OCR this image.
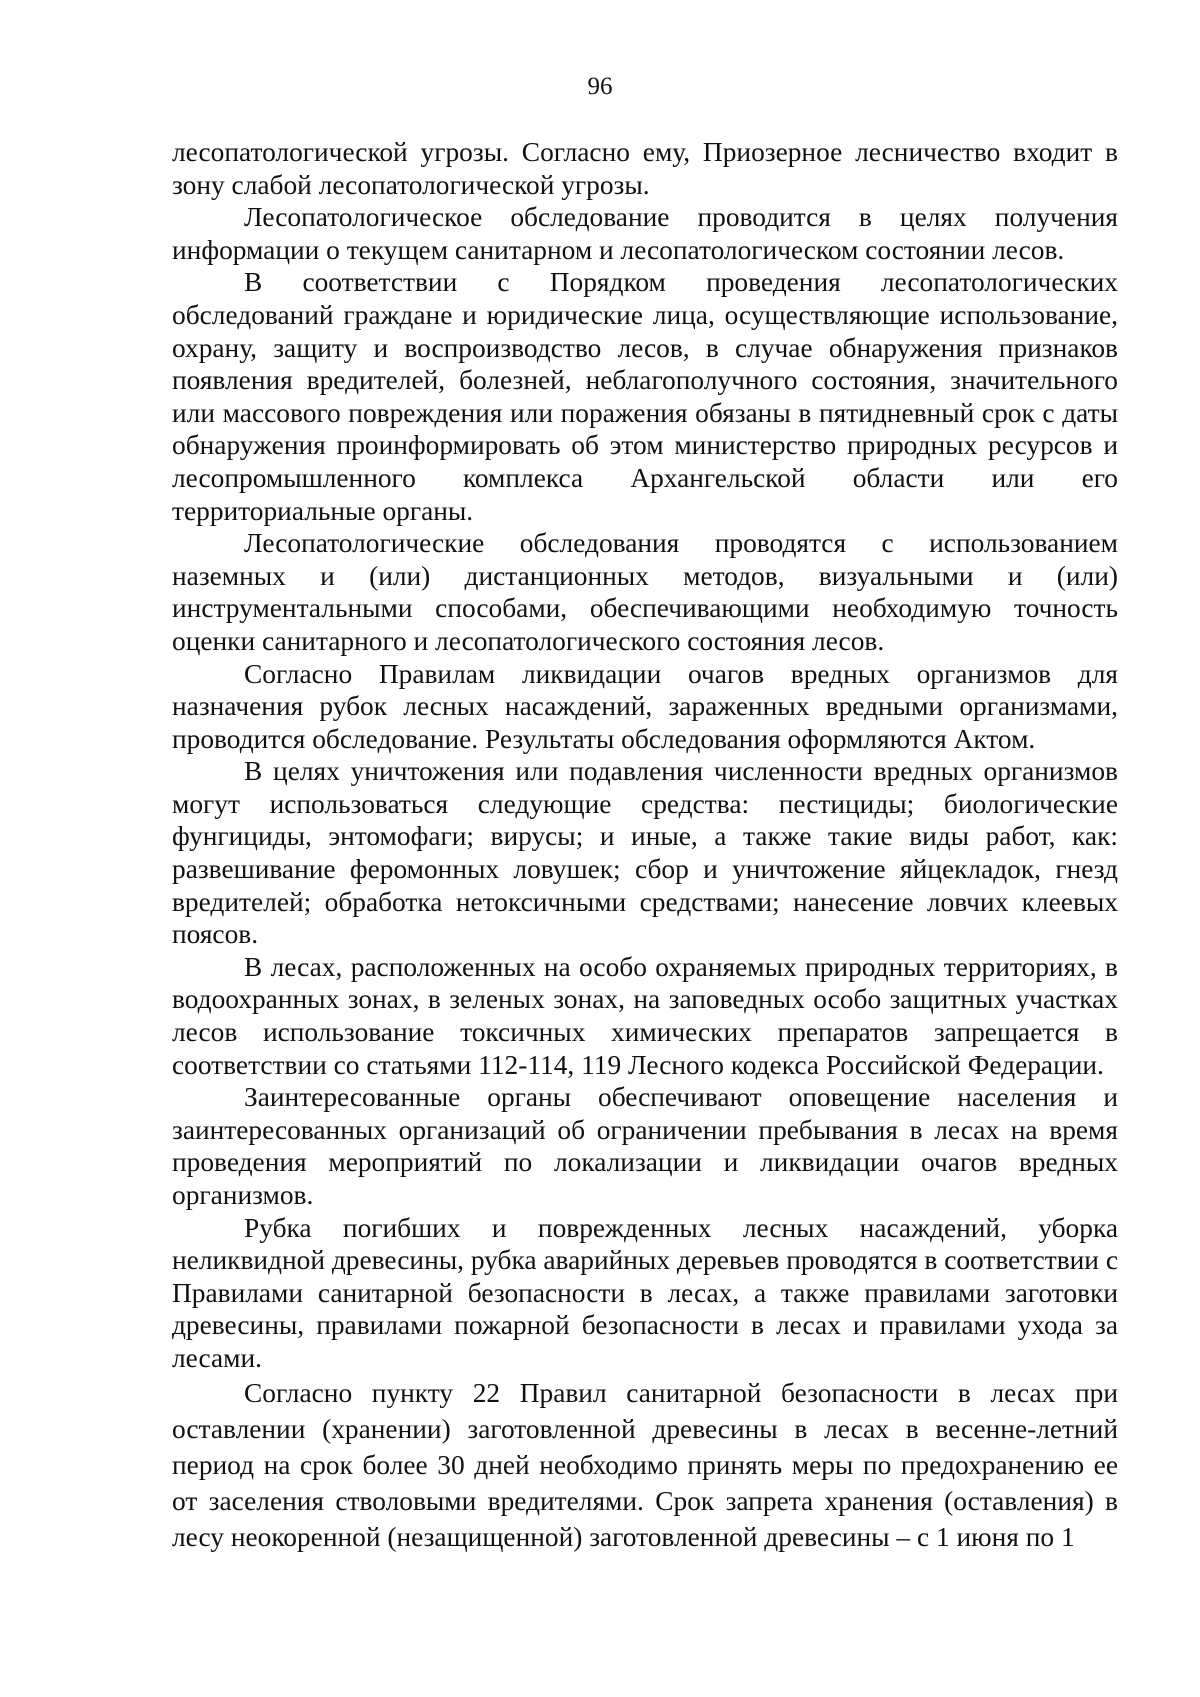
96

лесопатологической угрозы. Согласно ему, Приозерное лесничество входит в зону слабой лесопатологической угрозы.

Лесопатологическое обследование проводится в целях получения информации о текущем санитарном и лесопатологическом состоянии лесов.

В соответствии с Порядком проведения лесопатологических обследований граждане и юридические лица, осуществляющие использование, охрану, защиту и воспроизводство лесов, в случае обнаружения признаков появления вредителей, болезней, неблагополучного состояния, значительного или массового повреждения или поражения обязаны в пятидневный срок с даты обнаружения проинформировать об этом министерство природных ресурсов и лесопромышленного комплекса Архангельской области или его территориальные органы.

Лесопатологические обследования проводятся с использованием наземных и (или) дистанционных методов, визуальными и (или) инструментальными способами, обеспечивающими необходимую точность оценки санитарного и лесопатологического состояния лесов.

Согласно Правилам ликвидации очагов вредных организмов для назначения рубок лесных насаждений, зараженных вредными организмами, проводится обследование. Результаты обследования оформляются Актом.

В целях уничтожения или подавления численности вредных организмов могут использоваться следующие средства: пестициды; биологические фунгициды, энтомофаги; вирусы; и иные, а также такие виды работ, как: развешивание феромонных ловушек; сбор и уничтожение яйцекладок, гнезд вредителей; обработка нетоксичными средствами; нанесение ловчих клеевых поясов.

В лесах, расположенных на особо охраняемых природных территориях, в водоохранных зонах, в зеленых зонах, на заповедных особо защитных участках лесов использование токсичных химических препаратов запрещается в соответствии со статьями 112-114, 119 Лесного кодекса Российской Федерации.

Заинтересованные органы обеспечивают оповещение населения и заинтересованных организаций об ограничении пребывания в лесах на время проведения мероприятий по локализации и ликвидации очагов вредных организмов.

Рубка погибших и поврежденных лесных насаждений, уборка неликвидной древесины, рубка аварийных деревьев проводятся в соответствии с Правилами санитарной безопасности в лесах, а также правилами заготовки древесины, правилами пожарной безопасности в лесах и правилами ухода за лесами.

Согласно пункту 22 Правил санитарной безопасности в лесах при оставлении (хранении) заготовленной древесины в лесах в весенне-летний период на срок более 30 дней необходимо принять меры по предохранению ее от заселения стволовыми вредителями. Срок запрета хранения (оставления) в лесу неокоренной (незащищенной) заготовленной древесины – с 1 июня по 1
